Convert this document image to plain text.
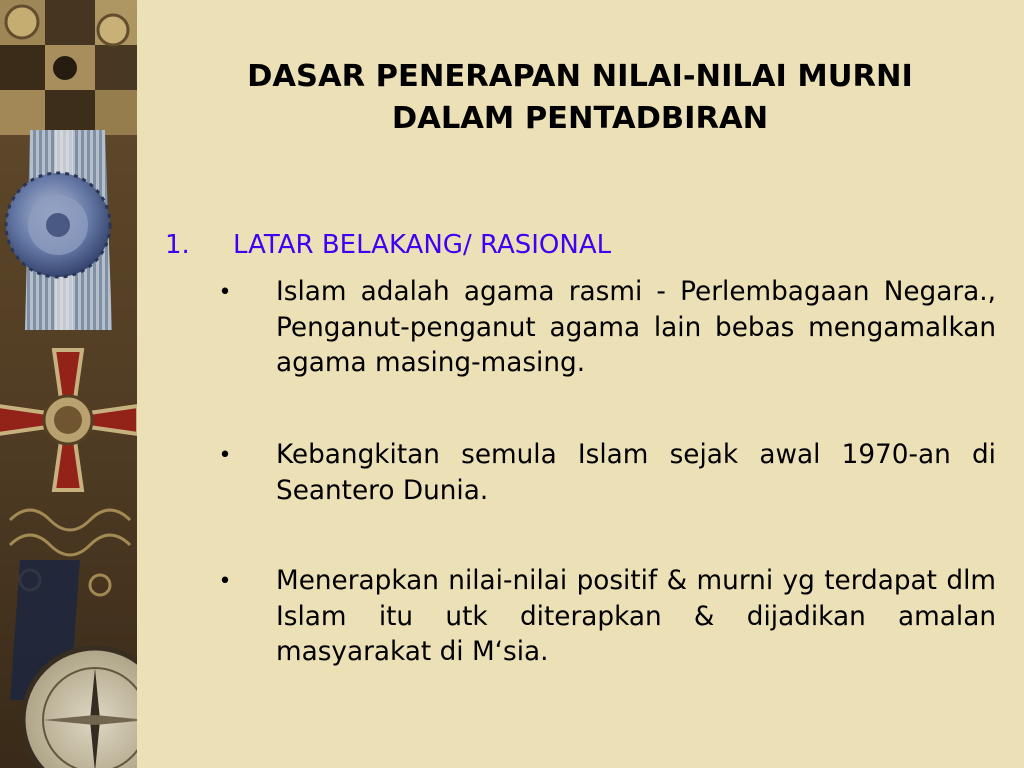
DASAR PENERAPAN NILAI-NILAI MURNI
DALAM PENTADBIRAN
1. LATAR BELAKANG/ RASIONAL
•	Islam adalah agama rasmi - Perlembagaan Negara., Penganut-penganut agama lain bebas mengamalkan agama masing-masing.
•	Kebangkitan semula Islam sejak awal 1970-an di Seantero Dunia.
•	Menerapkan nilai-nilai positif & murni yg terdapat dlm Islam itu utk diterapkan & dijadikan amalan masyarakat di M‘sia.
